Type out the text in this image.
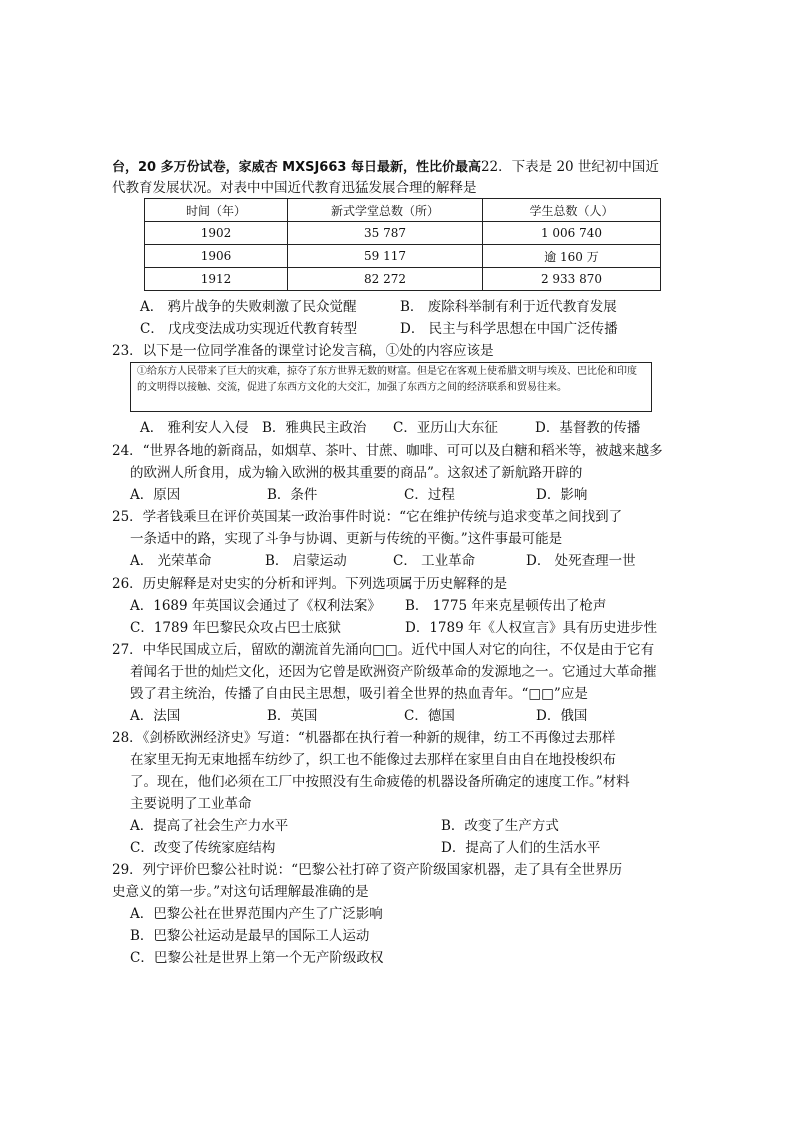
台，20 多万份试卷，家威杏 MXSJ663 每日最新，性比价最高22．下表是 20 世纪初中国近
代教育发展状况。对表中中国近代教育迅猛发展合理的解释是
时间（年）	新式学堂总数（所）	学生总数（人）
1902	35 787	1 006 740
1906	59 117	逾 160 万
1912	82 272	2 933 870
A． 鸦片战争的失败刺激了民众觉醒	B． 废除科举制有利于近代教育发展
C． 戊戌变法成功实现近代教育转型	D． 民主与科学思想在中国广泛传播
23．以下是一位同学准备的课堂讨论发言稿，①处的内容应该是
①给东方人民带来了巨大的灾难，掠夺了东方世界无数的财富。但是它在客观上使希腊文明与埃及、巴比伦和印度的文明得以接触、交流，促进了东西方文化的大交汇，加强了东西方之间的经济联系和贸易往来。
A． 雅利安人入侵 B．雅典民主政治 C．亚历山大东征	D．基督教的传播
24．“世界各地的新商品，如烟草、茶叶、甘蔗、咖啡、可可以及白糖和稻米等，被越来越多
的欧洲人所食用，成为输入欧洲的极其重要的商品”。这叙述了新航路开辟的
A．原因	B．条件	C．过程	D．影响
25．学者钱乘旦在评价英国某一政治事件时说：“它在维护传统与追求变革之间找到了
一条适中的路，实现了斗争与协调、更新与传统的平衡。”这件事最可能是
A． 光荣革命	B． 启蒙运动	C． 工业革命	D． 处死查理一世
26．历史解释是对史实的分析和评判。下列选项属于历史解释的是
A．1689 年英国议会通过了《权利法案》 B． 1775 年来克星顿传出了枪声
C．1789 年巴黎民众攻占巴士底狱	D．1789 年《人权宣言》具有历史进步性
27．中华民国成立后，留欧的潮流首先涌向□□。近代中国人对它的向往，不仅是由于它有
着闻名于世的灿烂文化，还因为它曾是欧洲资产阶级革命的发源地之一。它通过大革命摧
毁了君主统治，传播了自由民主思想，吸引着全世界的热血青年。“□□”应是
A．法国	B．英国	C．德国	D．俄国
28．《剑桥欧洲经济史》写道：“机器都在执行着一种新的规律，纺工不再像过去那样
在家里无拘无束地摇车纺纱了，织工也不能像过去那样在家里自由自在地投梭织布
了。现在，他们必须在工厂中按照没有生命疲倦的机器设备所确定的速度工作。”材料
主要说明了工业革命
A．提高了社会生产力水平	B．改变了生产方式
C．改变了传统家庭结构	D．提高了人们的生活水平
29．列宁评价巴黎公社时说：“巴黎公社打碎了资产阶级国家机器，走了具有全世界历
史意义的第一步。”对这句话理解最准确的是
A．巴黎公社在世界范围内产生了广泛影响
B．巴黎公社运动是最早的国际工人运动
C．巴黎公社是世界上第一个无产阶级政权
